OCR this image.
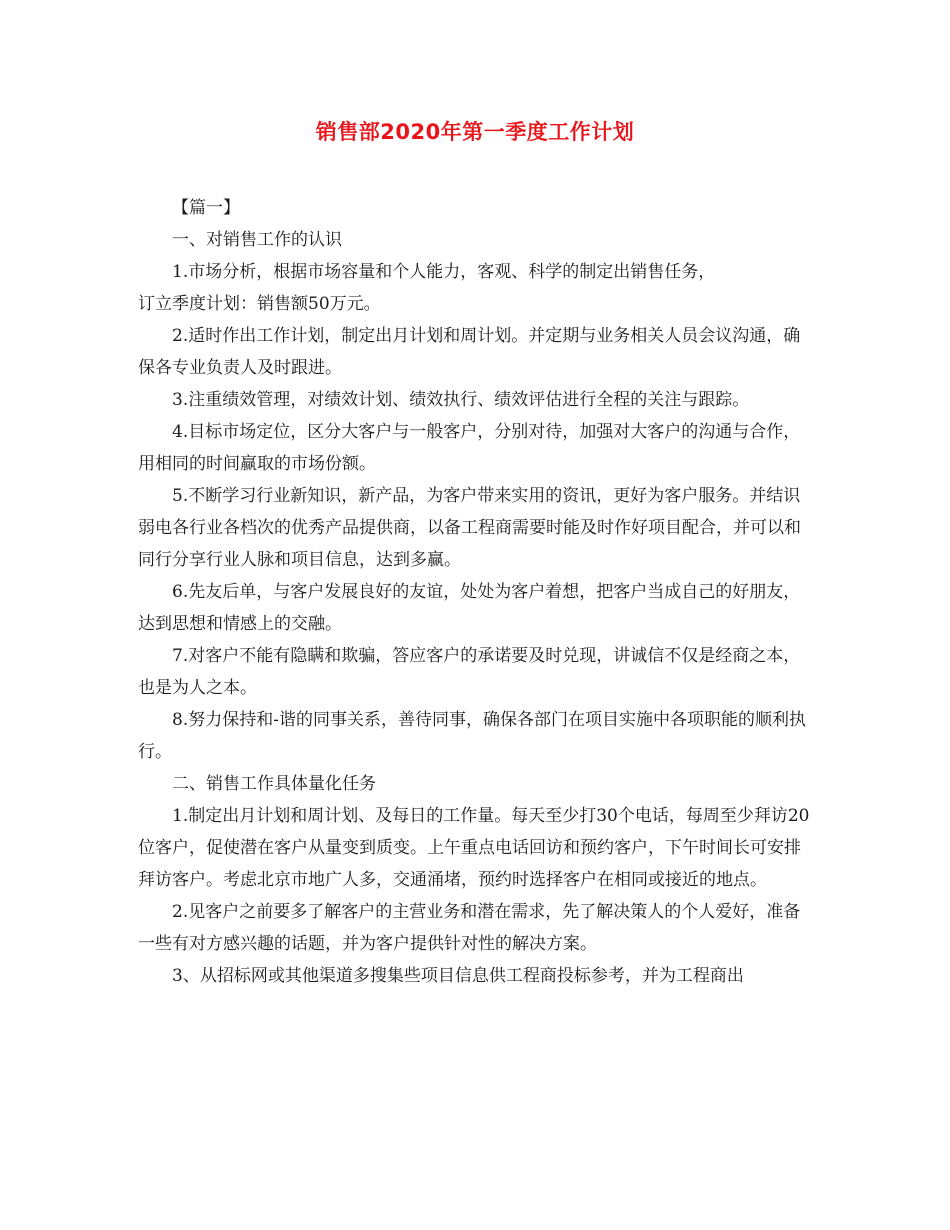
销售部2020年第一季度工作计划

【篇一】

一、对销售工作的认识

1.市场分析，根据市场容量和个人能力，客观、科学的制定出销售任务，

订立季度计划：销售额50万元。

2.适时作出工作计划，制定出月计划和周计划。并定期与业务相关人员会议沟通，确保各专业负责人及时跟进。

3.注重绩效管理，对绩效计划、绩效执行、绩效评估进行全程的关注与跟踪。

4.目标市场定位，区分大客户与一般客户，分别对待，加强对大客户的沟通与合作，用相同的时间赢取的市场份额。

5.不断学习行业新知识，新产品，为客户带来实用的资讯，更好为客户服务。并结识弱电各行业各档次的优秀产品提供商，以备工程商需要时能及时作好项目配合，并可以和同行分享行业人脉和项目信息，达到多赢。

6.先友后单，与客户发展良好的友谊，处处为客户着想，把客户当成自己的好朋友，达到思想和情感上的交融。

7.对客户不能有隐瞒和欺骗，答应客户的承诺要及时兑现，讲诚信不仅是经商之本，也是为人之本。

8.努力保持和-谐的同事关系，善待同事，确保各部门在项目实施中各项职能的顺利执行。

二、销售工作具体量化任务

1.制定出月计划和周计划、及每日的工作量。每天至少打30个电话，每周至少拜访20位客户，促使潜在客户从量变到质变。上午重点电话回访和预约客户，下午时间长可安排拜访客户。考虑北京市地广人多，交通涌堵，预约时选择客户在相同或接近的地点。

2.见客户之前要多了解客户的主营业务和潜在需求，先了解决策人的个人爱好，准备一些有对方感兴趣的话题，并为客户提供针对性的解决方案。

3、从招标网或其他渠道多搜集些项目信息供工程商投标参考，并为工程商出
